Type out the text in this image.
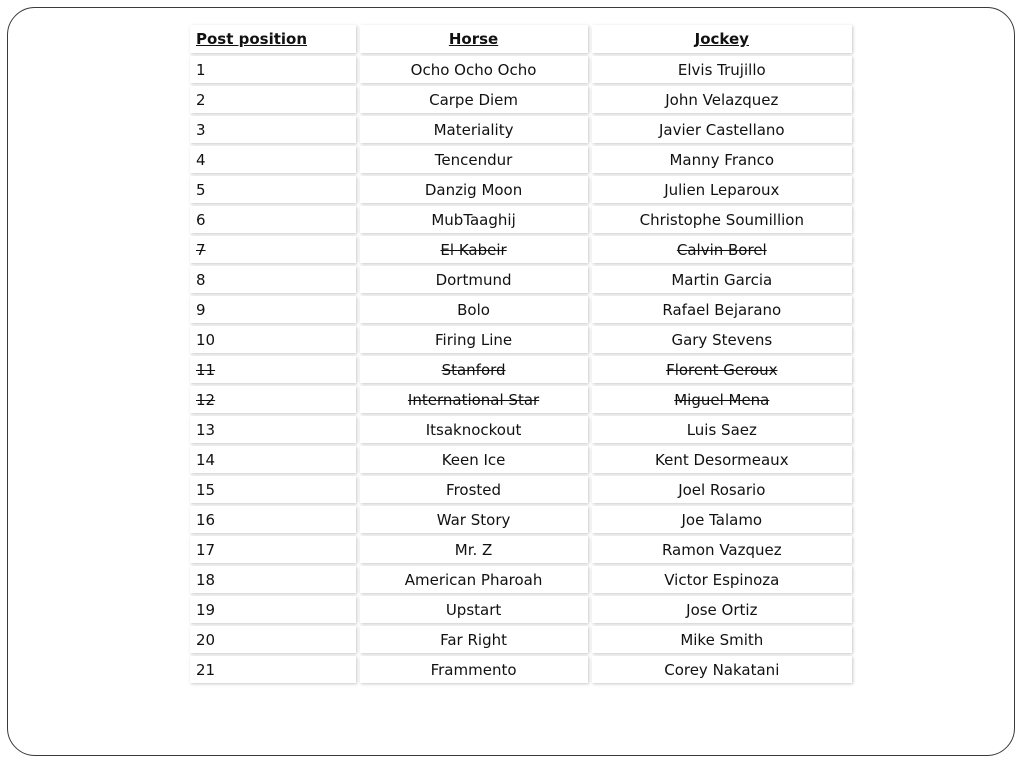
Post position	Horse	Jockey
1	Ocho Ocho Ocho	Elvis Trujillo
2	Carpe Diem	John Velazquez
3	Materiality	Javier Castellano
4	Tencendur	Manny Franco
5	Danzig Moon	Julien Leparoux
6	MubTaaghij	Christophe Soumillion
7	El Kabeir	Calvin Borel
8	Dortmund	Martin Garcia
9	Bolo	Rafael Bejarano
10	Firing Line	Gary Stevens
11	Stanford	Florent Geroux
12	International Star	Miguel Mena
13	Itsaknockout	Luis Saez
14	Keen Ice	Kent Desormeaux
15	Frosted	Joel Rosario
16	War Story	Joe Talamo
17	Mr. Z	Ramon Vazquez
18	American Pharoah	Victor Espinoza
19	Upstart	Jose Ortiz
20	Far Right	Mike Smith
21	Frammento	Corey Nakatani
